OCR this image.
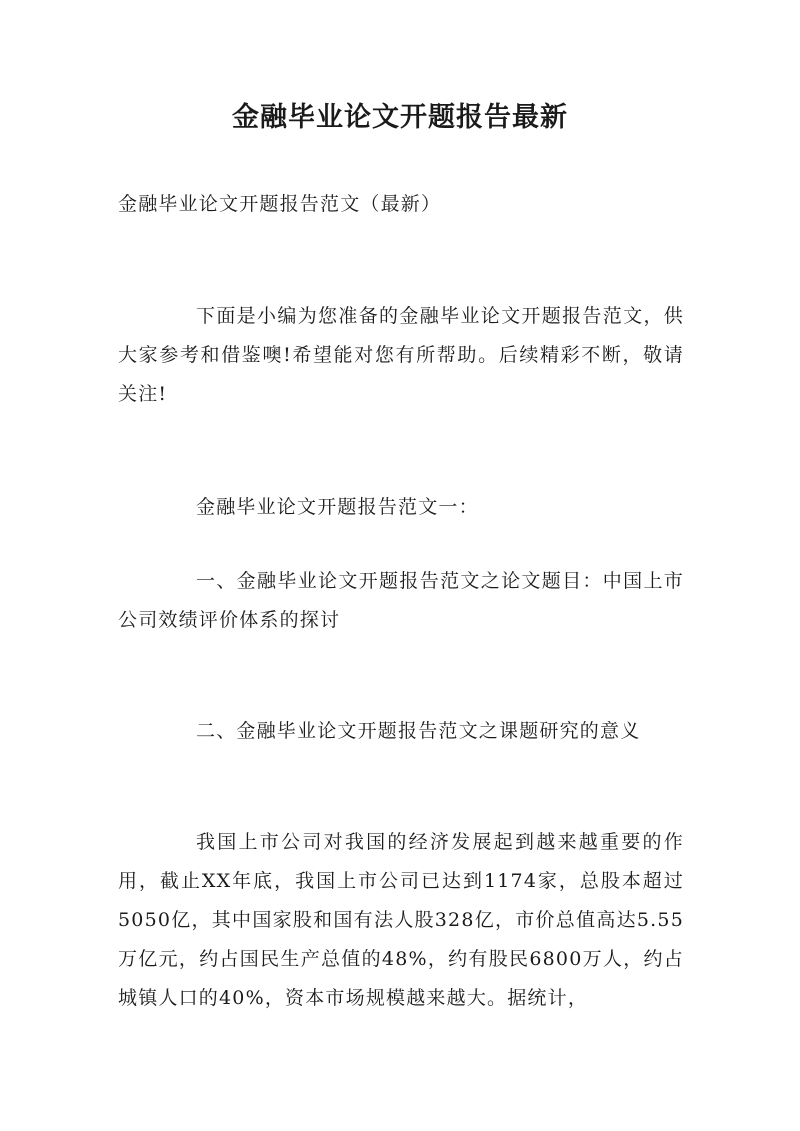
金融毕业论文开题报告最新

金融毕业论文开题报告范文（最新）

下面是小编为您准备的金融毕业论文开题报告范文，供大家参考和借鉴噢!希望能对您有所帮助。后续精彩不断，敬请关注!

金融毕业论文开题报告范文一：

一、金融毕业论文开题报告范文之论文题目：中国上市公司效绩评价体系的探讨

二、金融毕业论文开题报告范文之课题研究的意义

我国上市公司对我国的经济发展起到越来越重要的作用，截止XX年底，我国上市公司已达到1174家，总股本超过5050亿，其中国家股和国有法人股328亿，市价总值高达5.55万亿元，约占国民生产总值的48%，约有股民6800万人，约占城镇人口的40%，资本市场规模越来越大。据统计，
